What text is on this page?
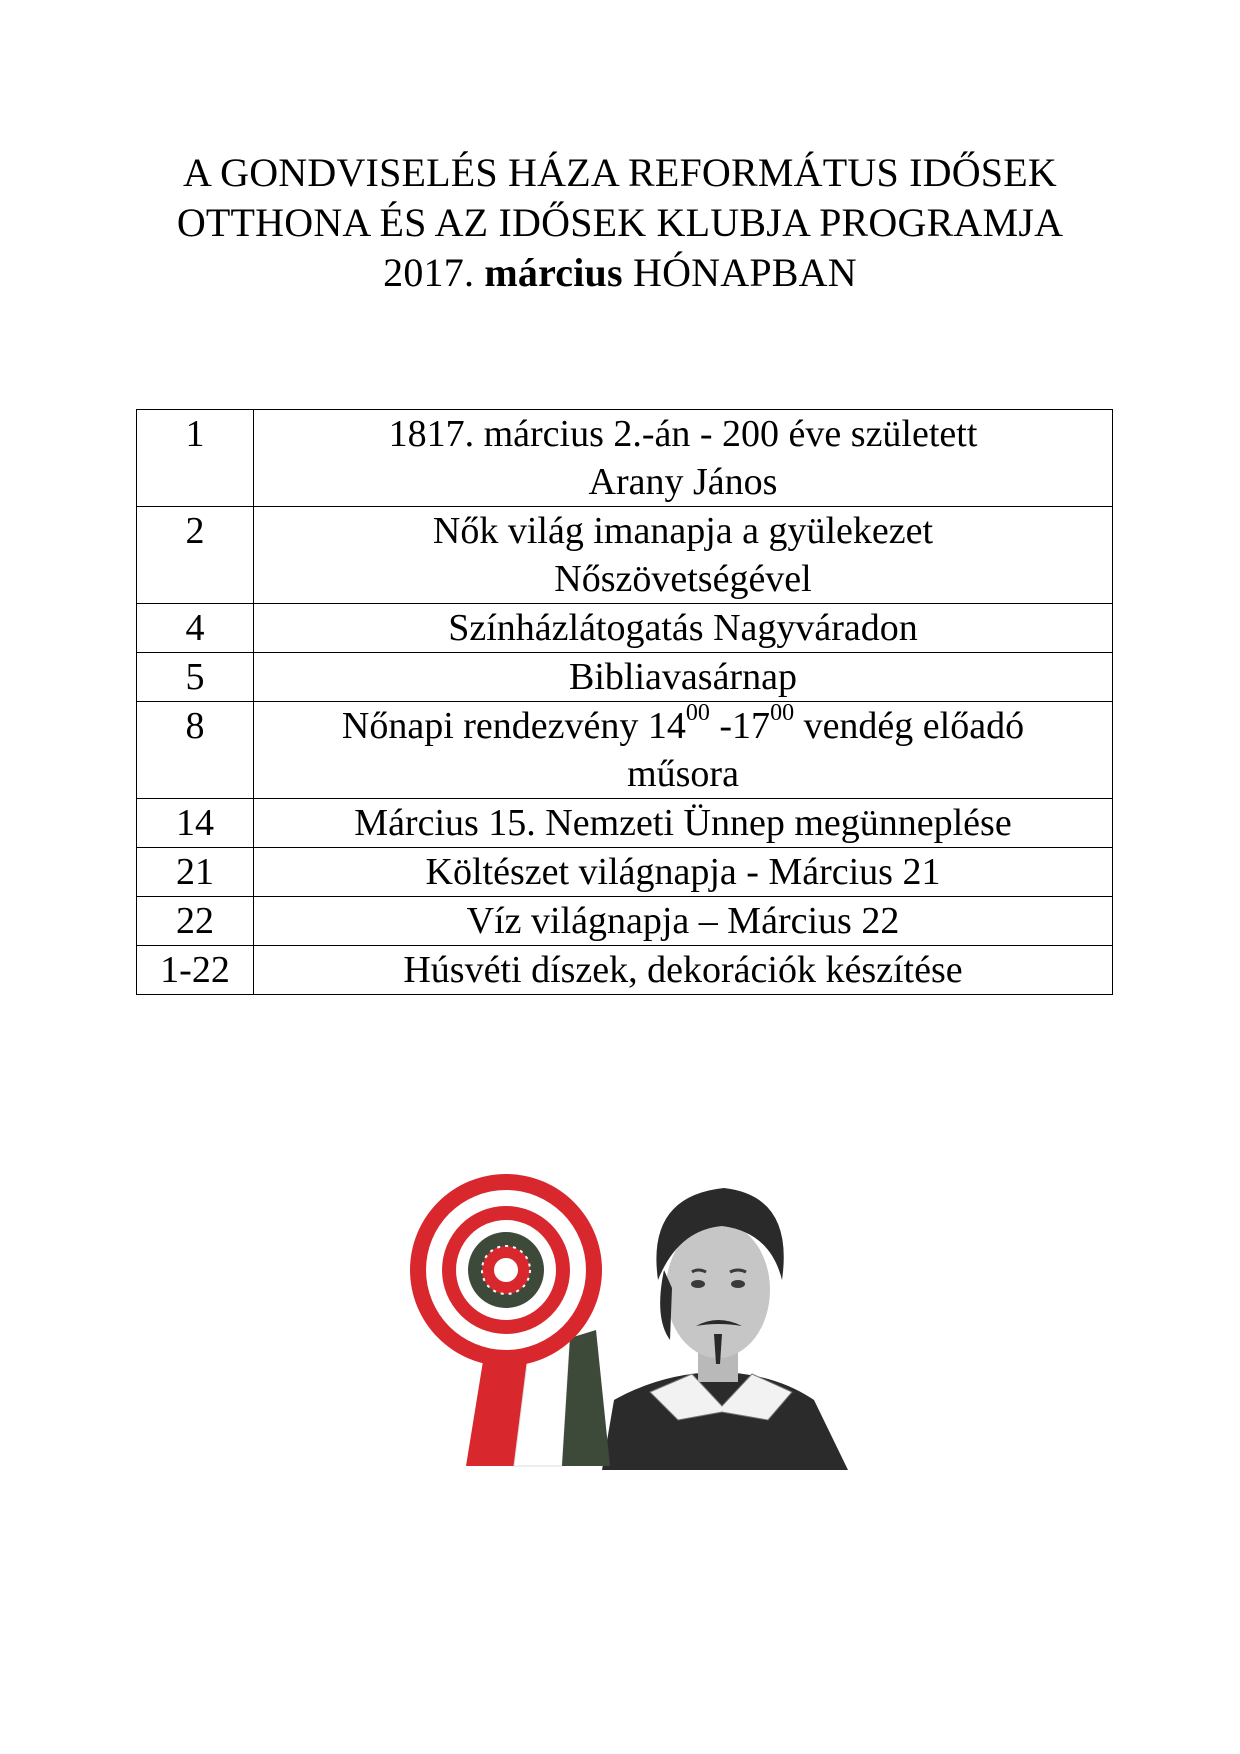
A GONDVISELÉS HÁZA REFORMÁTUS IDŐSEK
OTTHONA ÉS AZ IDŐSEK KLUBJA PROGRAMJA
2017. március HÓNAPBAN
1	1817. március 2.-án - 200 éve született
Arany János
2	Nők világ imanapja a gyülekezet
Nőszövetségével
4	Színházlátogatás Nagyváradon
5	Bibliavasárnap
8	Nőnapi rendezvény $14^{00}$ $-17^{00}$ vendég előadó
műsora
14	Március 15. Nemzeti Ünnep megünneplése
21	Költészet világnapja - Március 21
22	Víz világnapja – Március 22
1-22	Húsvéti díszek, dekorációk készítése
